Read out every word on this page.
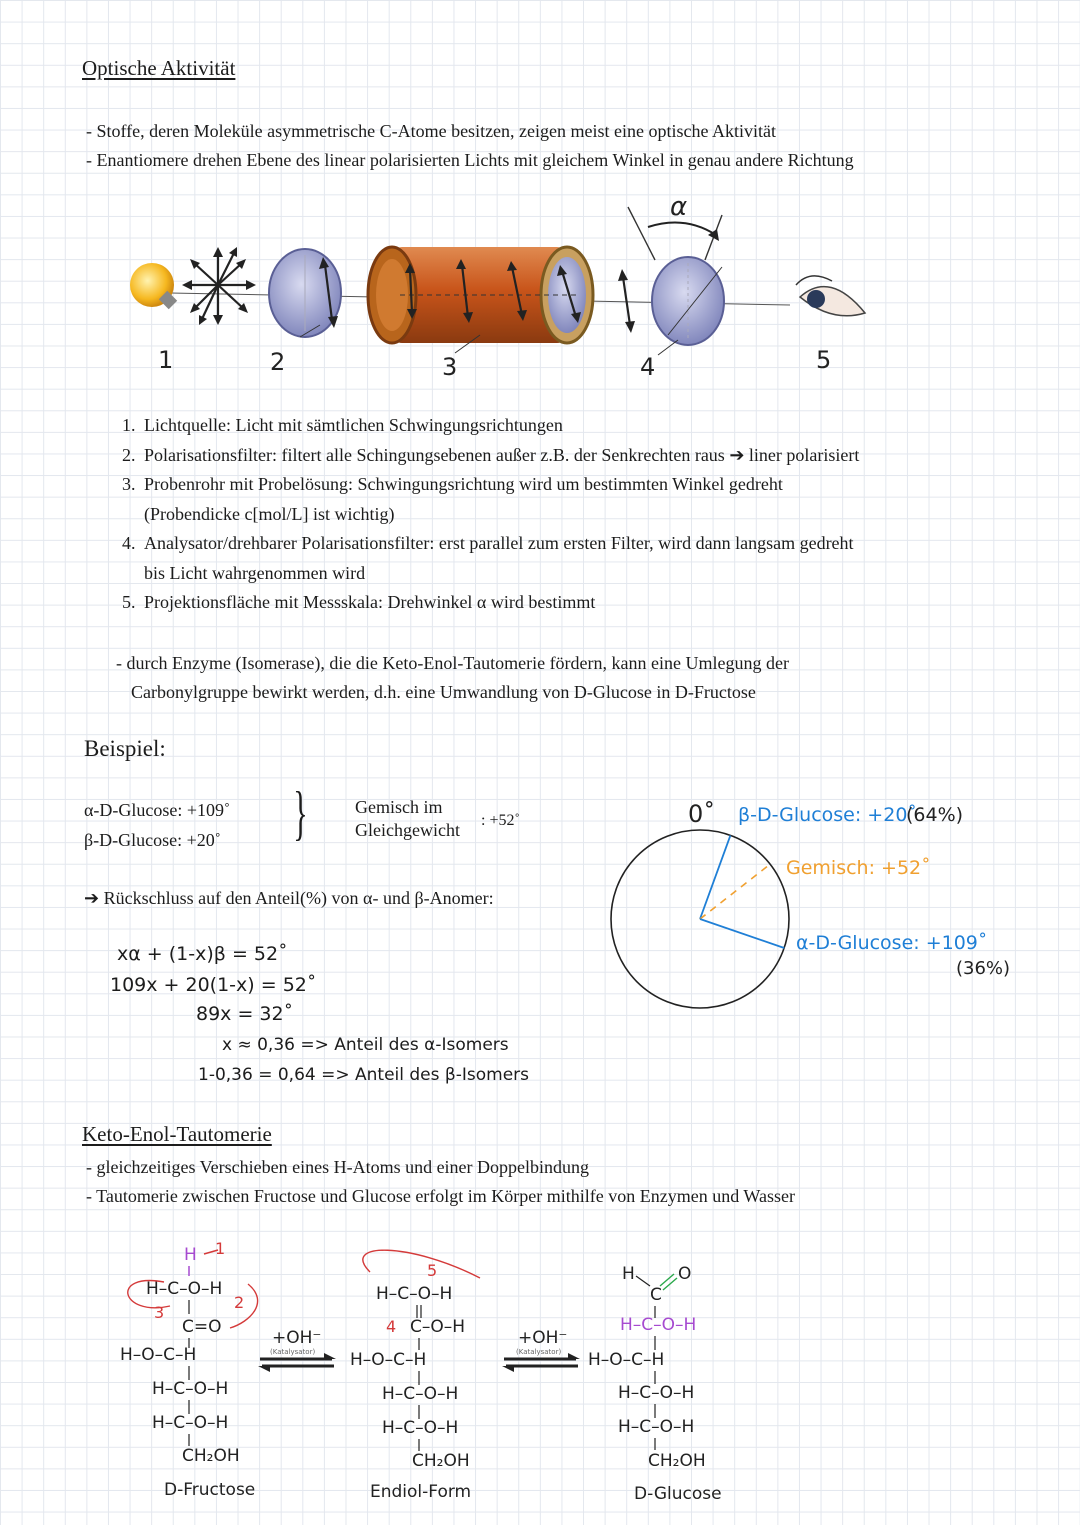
Optische Aktivität
- Stoffe, deren Moleküle asymmetrische C-Atome besitzen, zeigen meist eine optische Aktivität
- Enantiomere drehen Ebene des linear polarisierten Lichts mit gleichem Winkel in genau andere Richtung
α
1	2	3	4	5
1. Lichtquelle: Licht mit sämtlichen Schwingungsrichtungen
2. Polarisationsfilter: filtert alle Schingungsebenen außer z.B. der Senkrechten raus ➔ liner polarisiert
3. Probenrohr mit Probelösung: Schwingungsrichtung wird um bestimmten Winkel gedreht
(Probendicke c[mol/L] ist wichtig)
4. Analysator/drehbarer Polarisationsfilter: erst parallel zum ersten Filter, wird dann langsam gedreht
bis Licht wahrgenommen wird
5. Projektionsfläche mit Messskala: Drehwinkel α wird bestimmt
- durch Enzyme (Isomerase), die die Keto-Enol-Tautomerie fördern, kann eine Umlegung der
Carbonylgruppe bewirkt werden, d.h. eine Umwandlung von D-Glucose in D-Fructose
Beispiel:
α-D-Glucose: +109˚
β-D-Glucose: +20˚ }	Gemisch im
Gleichgewicht : +52˚
➔ Rückschluss auf den Anteil(%) von α- und β-Anomer:
xα + (1-x)β = 52˚
109x + 20(1-x) = 52˚
89x = 32˚
x ≈ 0,36 => Anteil des α-Isomers
1-0,36 = 0,64 => Anteil des β-Isomers
0˚ β-D-Glucose: +20˚
(64%)
Gemisch: +52˚
α-D-Glucose: +109˚
(36%)
Keto-Enol-Tautomerie
- gleichzeitiges Verschieben eines H-Atoms und einer Doppelbindung
- Tautomerie zwischen Fructose und Glucose erfolgt im Körper mithilfe von Enzymen und Wasser
H 1
H–C–O–H
C=O
2
3
H–O–C–H
H–C–O–H
H–C–O–H
CH₂OH
D-Fructose
+OH⁻
(Katalysator)
5
H–C–O–H
4 C–O–H
H–O–C–H
H–C–O–H
H–C–O–H
CH₂OH
Endiol-Form
+OH⁻
(Katalysator)
H	O
C
H–C–O–H
H–O–C–H
H–C–O–H
H–C–O–H
CH₂OH
D-Glucose
